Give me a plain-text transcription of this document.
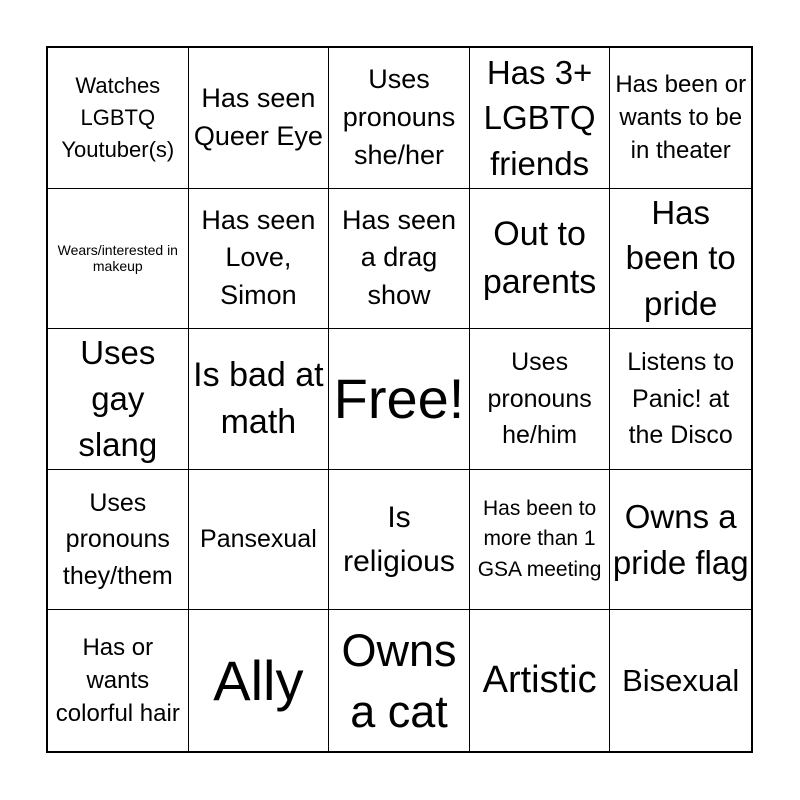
Watches LGBTQ Youtuber(s)
Has seen Queer Eye
Uses pronouns she/her
Has 3+ LGBTQ friends
Has been or wants to be in theater
Wears/interested in makeup
Has seen Love, Simon
Has seen a drag show
Out to parents
Has been to pride
Uses gay slang
Is bad at math Free!
Uses pronouns he/him
Listens to Panic! at the Disco
Uses pronouns they/them
Pansexual
Is religious
Has been to more than 1 GSA meeting
Owns a pride flag
Has or wants colorful hair
Ally Owns a cat
Artistic Bisexual
